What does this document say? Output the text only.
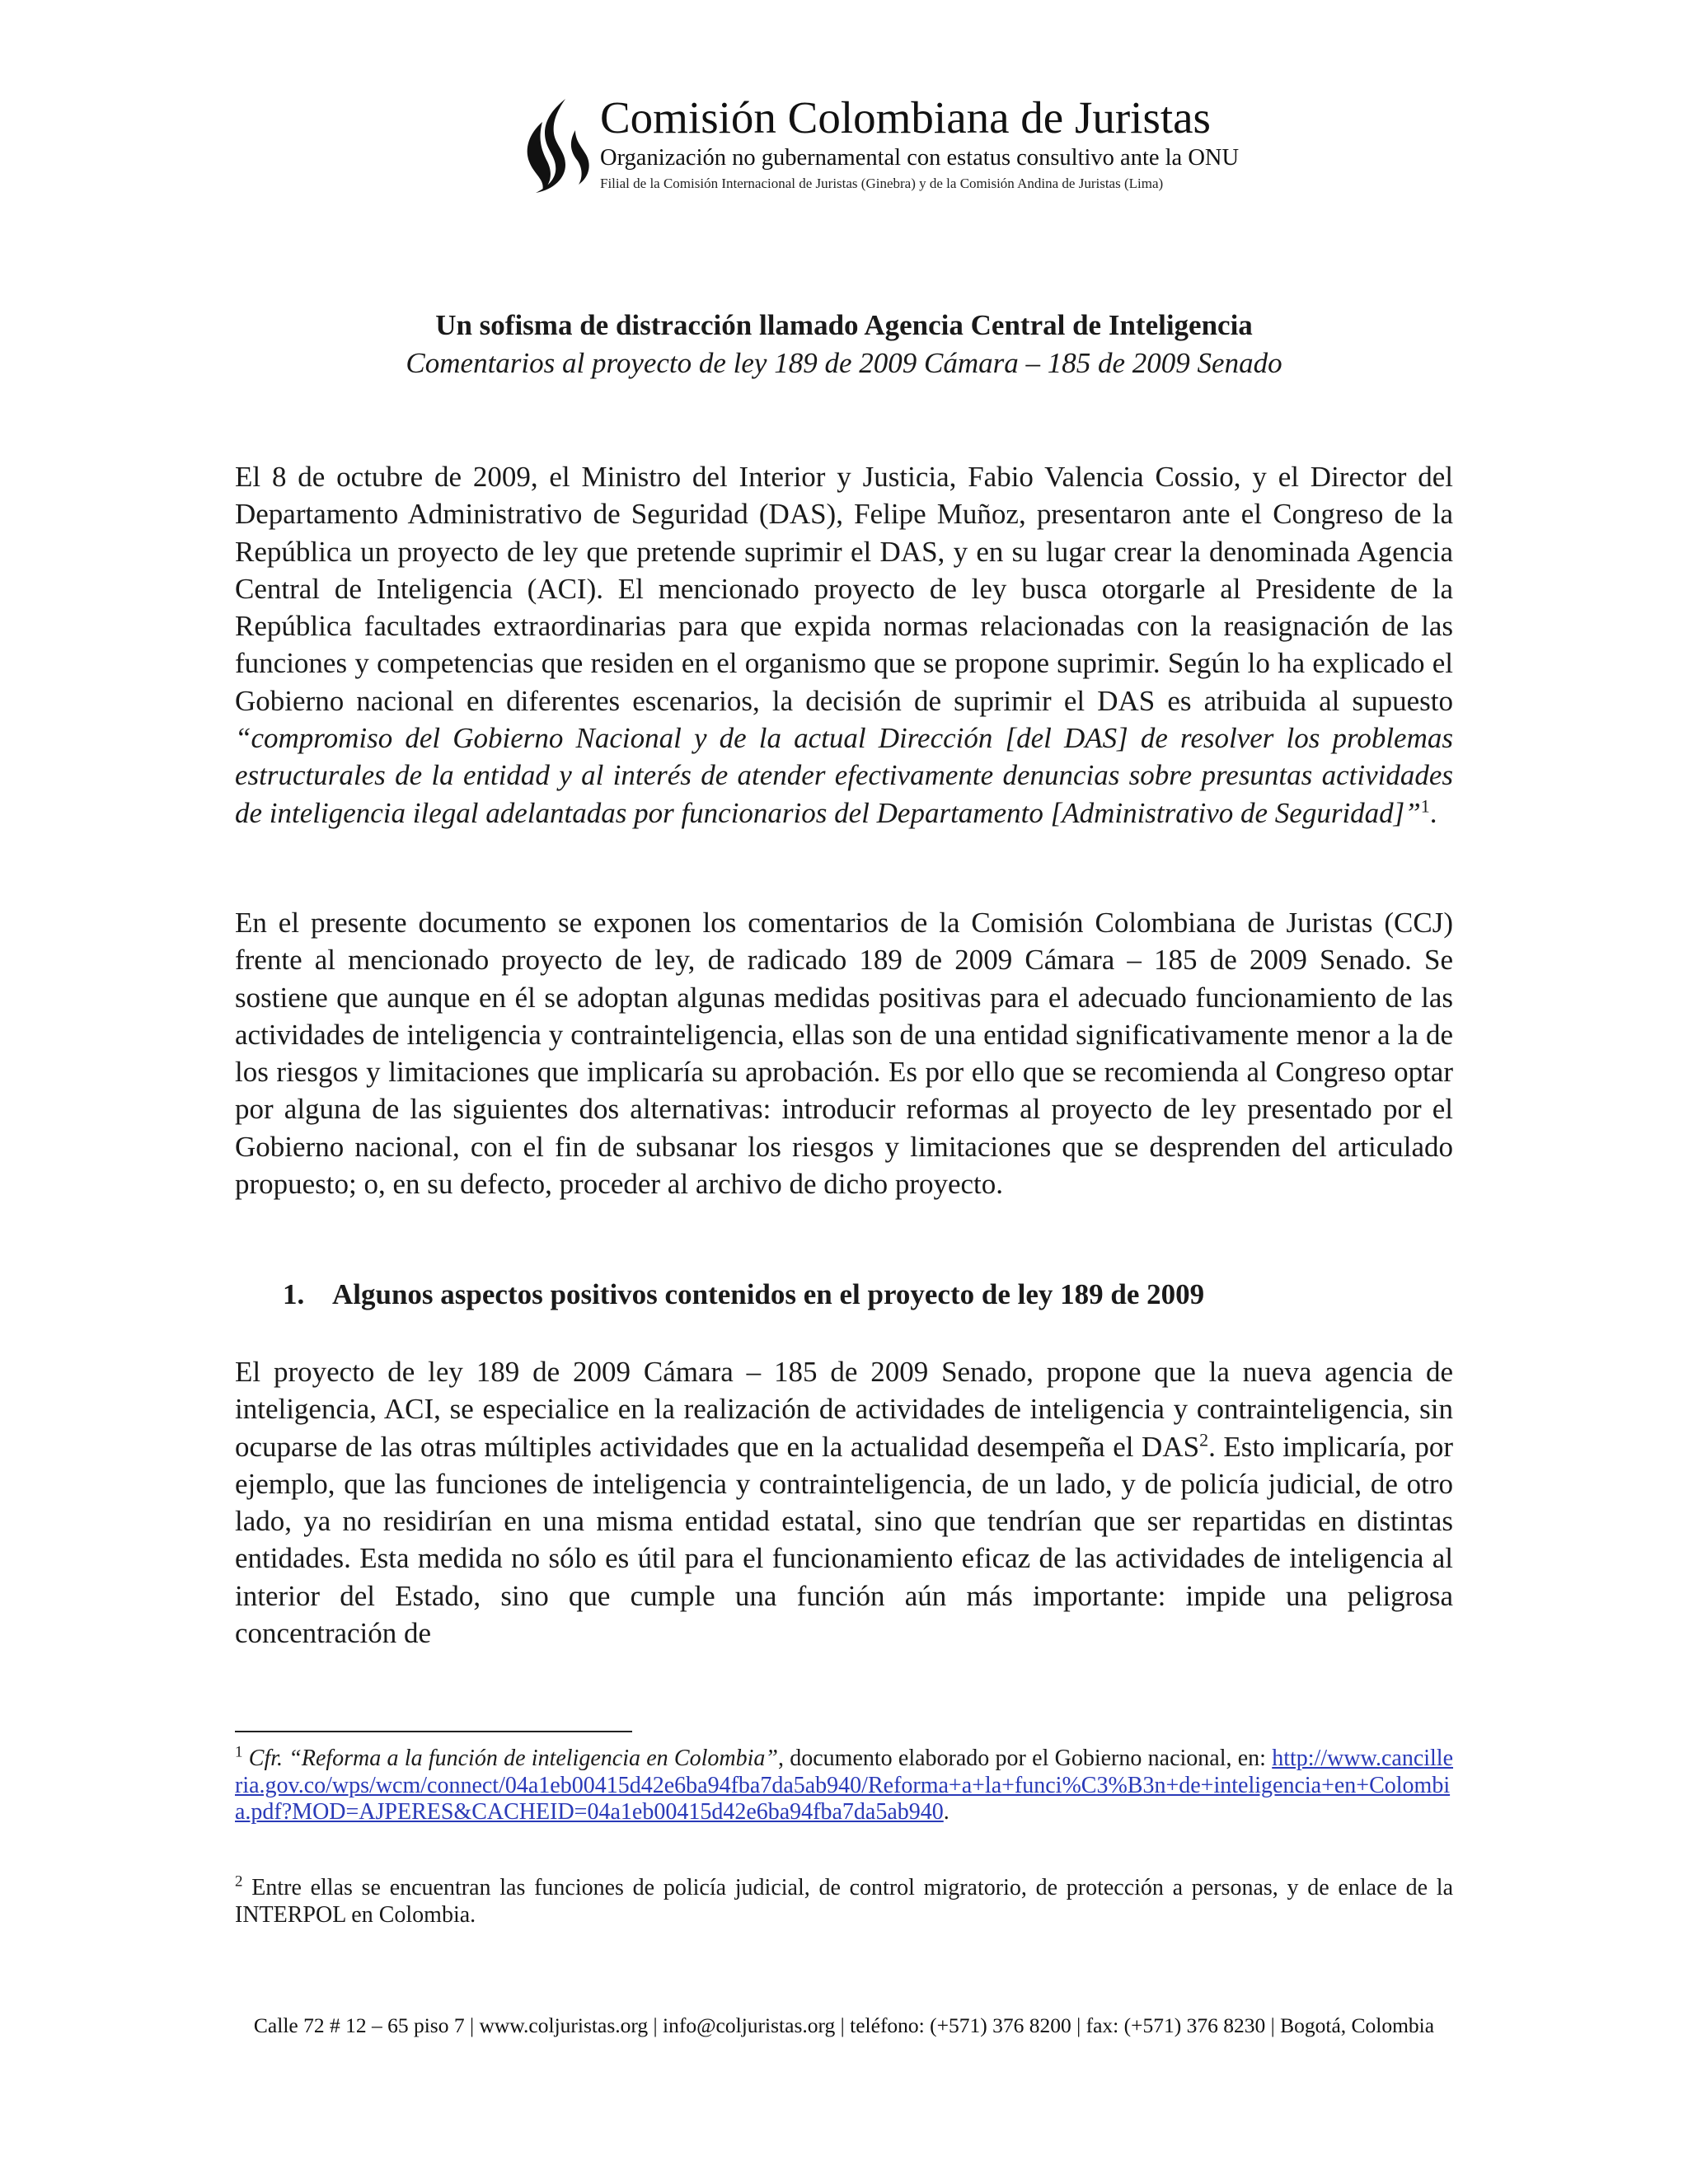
Comisión Colombiana de Juristas
Organización no gubernamental con estatus consultivo ante la ONU
Filial de la Comisión Internacional de Juristas (Ginebra) y de la Comisión Andina de Juristas (Lima)
Un sofisma de distracción llamado Agencia Central de Inteligencia
Comentarios al proyecto de ley 189 de 2009 Cámara – 185 de 2009 Senado

El 8 de octubre de 2009, el Ministro del Interior y Justicia, Fabio Valencia Cossio, y el Director del Departamento Administrativo de Seguridad (DAS), Felipe Muñoz, presentaron ante el Congreso de la República un proyecto de ley que pretende suprimir el DAS, y en su lugar crear la denominada Agencia Central de Inteligencia (ACI). El mencionado proyecto de ley busca otorgarle al Presidente de la República facultades extraordinarias para que expida normas relacionadas con la reasignación de las funciones y competencias que residen en el organismo que se propone suprimir. Según lo ha explicado el Gobierno nacional en diferentes escenarios, la decisión de suprimir el DAS es atribuida al supuesto “compromiso del Gobierno Nacional y de la actual Dirección [del DAS] de resolver los problemas estructurales de la entidad y al interés de atender efectivamente denuncias sobre presuntas actividades de inteligencia ilegal adelantadas por funcionarios del Departamento [Administrativo de Seguridad]”$^1$.

En el presente documento se exponen los comentarios de la Comisión Colombiana de Juristas (CCJ) frente al mencionado proyecto de ley, de radicado 189 de 2009 Cámara – 185 de 2009 Senado. Se sostiene que aunque en él se adoptan algunas medidas positivas para el adecuado funcionamiento de las actividades de inteligencia y contrainteligencia, ellas son de una entidad significativamente menor a la de los riesgos y limitaciones que implicaría su aprobación. Es por ello que se recomienda al Congreso optar por alguna de las siguientes dos alternativas: introducir reformas al proyecto de ley presentado por el Gobierno nacional, con el fin de subsanar los riesgos y limitaciones que se desprenden del articulado propuesto; o, en su defecto, proceder al archivo de dicho proyecto.

1. Algunos aspectos positivos contenidos en el proyecto de ley 189 de 2009

El proyecto de ley 189 de 2009 Cámara – 185 de 2009 Senado, propone que la nueva agencia de inteligencia, ACI, se especialice en la realización de actividades de inteligencia y contrainteligencia, sin ocuparse de las otras múltiples actividades que en la actualidad desempeña el DAS$^2$. Esto implicaría, por ejemplo, que las funciones de inteligencia y contrainteligencia, de un lado, y de policía judicial, de otro lado, ya no residirían en una misma entidad estatal, sino que tendrían que ser repartidas en distintas entidades. Esta medida no sólo es útil para el funcionamiento eficaz de las actividades de inteligencia al interior del Estado, sino que cumple una función aún más importante: impide una peligrosa concentración de

$^1$ Cfr. “Reforma a la función de inteligencia en Colombia”, documento elaborado por el Gobierno nacional, en: http://www.cancilleria.gov.co/wps/wcm/connect/04a1eb00415d42e6ba94fba7da5ab940/Reforma+a+la+funci%C3%B3n+de+inteligencia+en+Colombia.pdf?MOD=AJPERES&CACHEID=04a1eb00415d42e6ba94fba7da5ab940.
$^2$ Entre ellas se encuentran las funciones de policía judicial, de control migratorio, de protección a personas, y de enlace de la INTERPOL en Colombia.
Calle 72 # 12 – 65 piso 7 | www.coljuristas.org | info@coljuristas.org | teléfono: (+571) 376 8200 | fax: (+571) 376 8230 | Bogotá, Colombia
